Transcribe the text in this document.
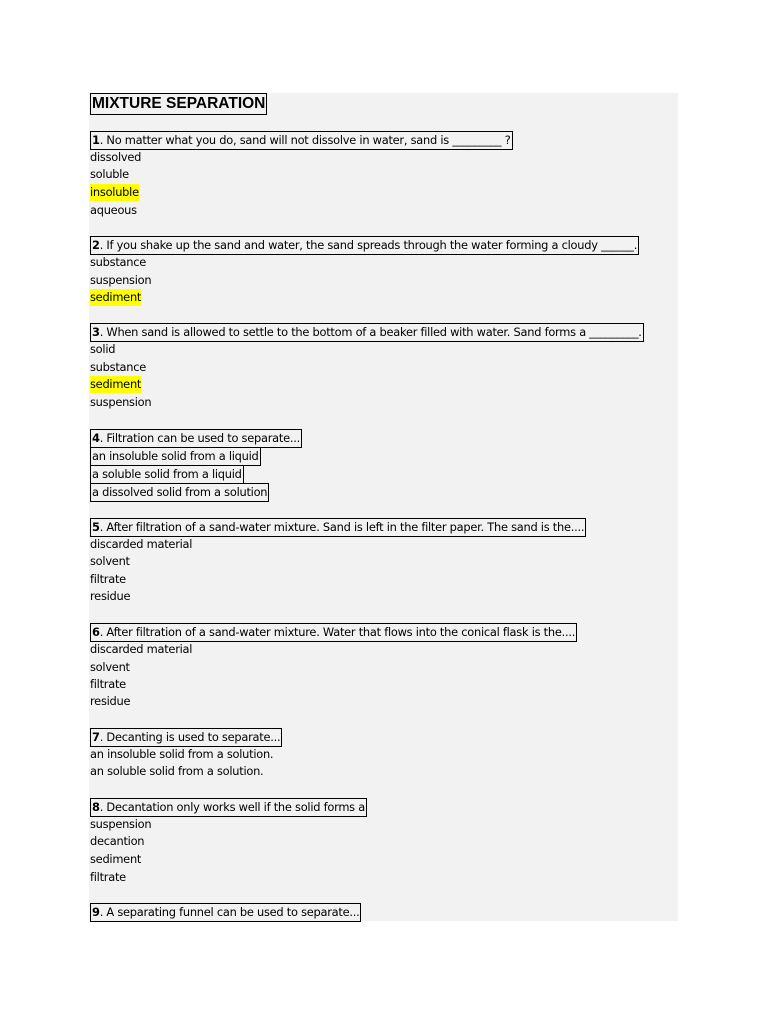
MIXTURE SEPARATION
1. No matter what you do, sand will not dissolve in water, sand is _________ ?
dissolved
soluble
insoluble
aqueous
2. If you shake up the sand and water, the sand spreads through the water forming a cloudy ______.
substance
suspension
sediment
3. When sand is allowed to settle to the bottom of a beaker filled with water. Sand forms a _________.
solid
substance
sediment
suspension
4. Filtration can be used to separate...
an insoluble solid from a liquid
a soluble solid from a liquid
a dissolved solid from a solution
5. After filtration of a sand-water mixture. Sand is left in the filter paper. The sand is the....
discarded material
solvent
filtrate
residue
6. After filtration of a sand-water mixture. Water that flows into the conical flask is the....
discarded material
solvent
filtrate
residue
7. Decanting is used to separate...
an insoluble solid from a solution.
an soluble solid from a solution.
8. Decantation only works well if the solid forms a
suspension
decantion
sediment
filtrate
9. A separating funnel can be used to separate...
